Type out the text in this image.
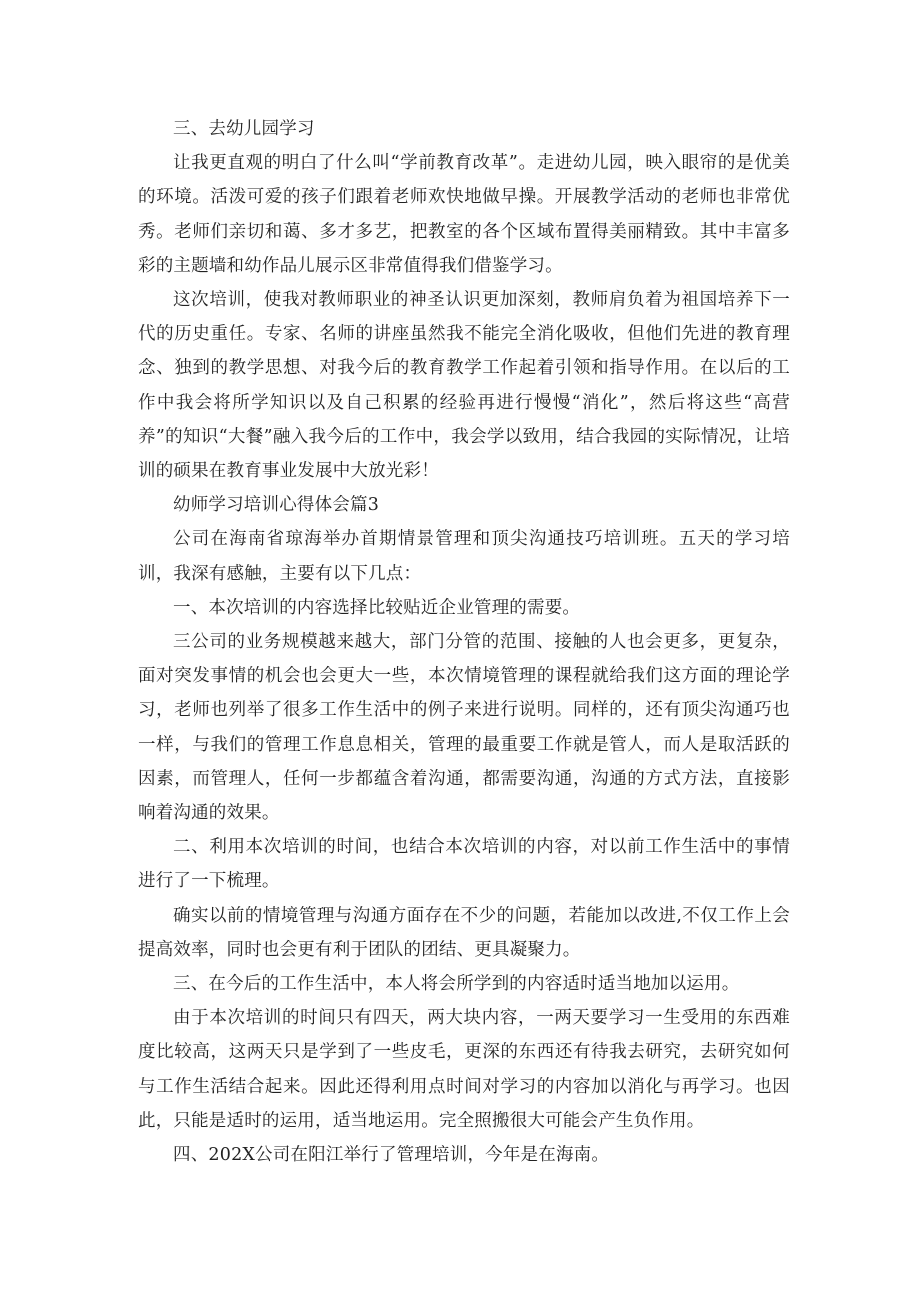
三、去幼儿园学习

让我更直观的明白了什么叫“学前教育改革”。走进幼儿园，映入眼帘的是优美的环境。活泼可爱的孩子们跟着老师欢快地做早操。开展教学活动的老师也非常优秀。老师们亲切和蔼、多才多艺，把教室的各个区域布置得美丽精致。其中丰富多彩的主题墙和幼作品儿展示区非常值得我们借鉴学习。

这次培训，使我对教师职业的神圣认识更加深刻，教师肩负着为祖国培养下一代的历史重任。专家、名师的讲座虽然我不能完全消化吸收，但他们先进的教育理念、独到的教学思想、对我今后的教育教学工作起着引领和指导作用。在以后的工作中我会将所学知识以及自己积累的经验再进行慢慢“消化”，然后将这些“高营养”的知识“大餐”融入我今后的工作中，我会学以致用，结合我园的实际情况，让培训的硕果在教育事业发展中大放光彩！

幼师学习培训心得体会篇3

公司在海南省琼海举办首期情景管理和顶尖沟通技巧培训班。五天的学习培训，我深有感触，主要有以下几点：

一、本次培训的内容选择比较贴近企业管理的需要。

三公司的业务规模越来越大，部门分管的范围、接触的人也会更多，更复杂，面对突发事情的机会也会更大一些，本次情境管理的课程就给我们这方面的理论学习，老师也列举了很多工作生活中的例子来进行说明。同样的，还有顶尖沟通巧也一样，与我们的管理工作息息相关，管理的最重要工作就是管人，而人是取活跃的因素，而管理人，任何一步都蕴含着沟通，都需要沟通，沟通的方式方法，直接影响着沟通的效果。

二、利用本次培训的时间，也结合本次培训的内容，对以前工作生活中的事情进行了一下梳理。

确实以前的情境管理与沟通方面存在不少的问题，若能加以改进,不仅工作上会提高效率，同时也会更有利于团队的团结、更具凝聚力。

三、在今后的工作生活中，本人将会所学到的内容适时适当地加以运用。

由于本次培训的时间只有四天，两大块内容，一两天要学习一生受用的东西难度比较高，这两天只是学到了一些皮毛，更深的东西还有待我去研究，去研究如何与工作生活结合起来。因此还得利用点时间对学习的内容加以消化与再学习。也因此，只能是适时的运用，适当地运用。完全照搬很大可能会产生负作用。

四、202X公司在阳江举行了管理培训，今年是在海南。
